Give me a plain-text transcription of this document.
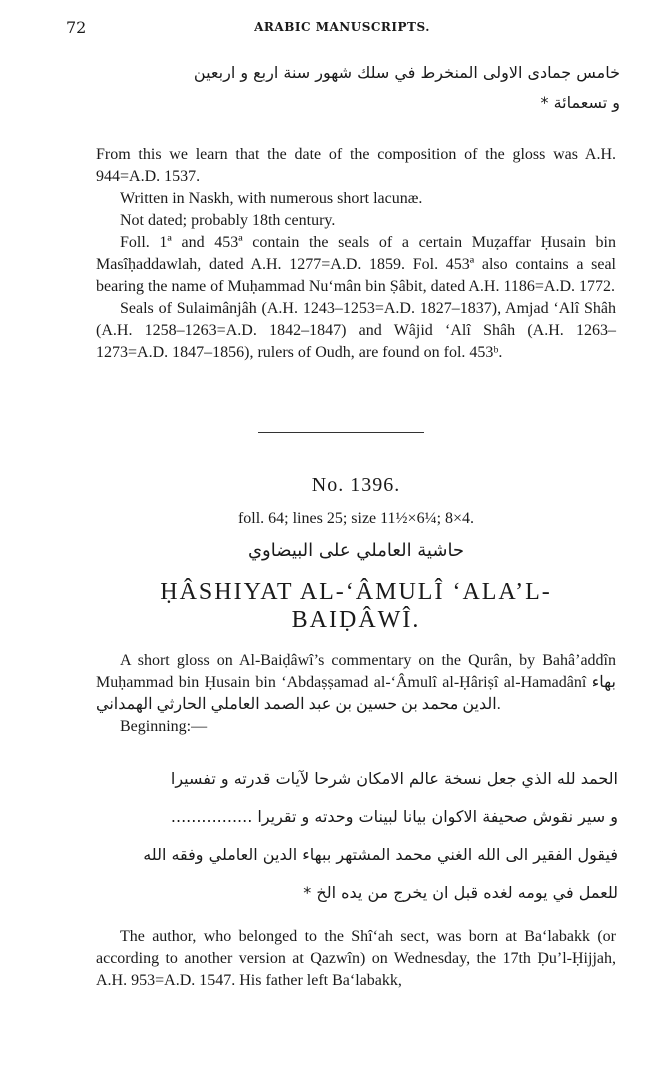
72	ARABIC MANUSCRIPTS.
خامس جمادی الاولی المنخرط في سلك شهور سنة اربع و اربعين
و تسعمائة *

From this we learn that the date of the composition of the gloss was A.H. 944=A.D. 1537.

Written in Naskh, with numerous short lacunæ.

Not dated; probably 18th century.

Foll. 1ª and 453ª contain the seals of a certain Muẓaffar Ḥusain bin Masîḥaddawlah, dated A.H. 1277=A.D. 1859. Fol. 453ª also contains a seal bearing the name of Muḥammad Nu‘mân bin Ṣâbit, dated A.H. 1186=A.D. 1772.

Seals of Sulaimânjâh (A.H. 1243–1253=A.D. 1827–1837), Amjad ‘Alî Shâh (A.H. 1258–1263=A.D. 1842–1847) and Wâjid ‘Alî Shâh (A.H. 1263–1273=A.D. 1847–1856), rulers of Oudh, are found on fol. 453ᵇ.

No. 1396.
foll. 64; lines 25; size 11½×6¼; 8×4.
حاشية العاملي على البيضاوي
ḤÂSHIYAT AL-‘ÂMULÎ ‘ALA’L-BAIḌÂWÎ.

A short gloss on Al-Baiḍâwî’s commentary on the Qurân, by Bahâ’addîn Muḥammad bin Ḥusain bin ‘Abdaṣṣamad al-‘Âmulî al-Ḥâriṣî al-Hamadânî بهاء الدين محمد بن حسين بن عبد الصمد العاملي الحارثي الهمداني.

Beginning:—

الحمد لله الذي جعل نسخة عالم الامكان شرحا لآيات قدرته و تفسيرا
و سير نقوش صحيفة الاكوان بيانا لبينات وحدته و تقريرا ................
فيقول الفقير الى الله الغني محمد المشتهر ببهاء الدين العاملي وفقه الله
للعمل في يومه لغده قبل ان يخرج من يده الخ *

The author, who belonged to the Shî‘ah sect, was born at Ba‘labakk (or according to another version at Qazwîn) on Wednesday, the 17th Ḍu’l-Ḥijjah, A.H. 953=A.D. 1547. His father left Ba‘labakk,
